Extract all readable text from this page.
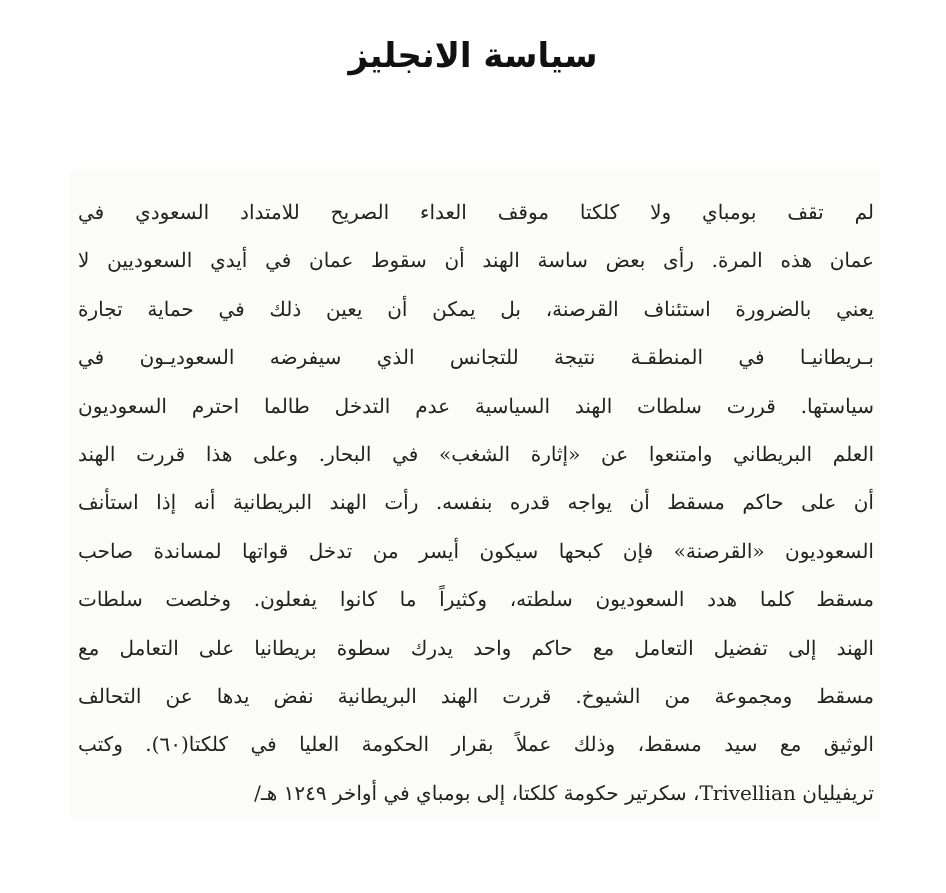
سياسة الانجليز
لم تقف بومباي ولا كلكتا موقف العداء الصريح للامتداد السعودي في
عمان هذه المرة. رأى بعض ساسة الهند أن سقوط عمان في أيدي السعوديين لا
يعني بالضرورة استئناف القرصنة، بل يمكن أن يعين ذلك في حماية تجارة
بـريطانيـا في المنطقـة نتيجة للتجانس الذي سيفرضه السعوديـون في
سياستها. قررت سلطات الهند السياسية عدم التدخل طالما احترم السعوديون
العلم البريطاني وامتنعوا عن «إثارة الشغب» في البحار. وعلى هذا قررت الهند
أن على حاكم مسقط أن يواجه قدره بنفسه. رأت الهند البريطانية أنه إذا استأنف
السعوديون «القرصنة» فإن كبحها سيكون أيسر من تدخل قواتها لمساندة صاحب
مسقط كلما هدد السعوديون سلطته، وكثيراً ما كانوا يفعلون. وخلصت سلطات
الهند إلى تفضيل التعامل مع حاكم واحد يدرك سطوة بريطانيا على التعامل مع
مسقط ومجموعة من الشيوخ. قررت الهند البريطانية نفض يدها عن التحالف
الوثيق مع سيد مسقط، وذلك عملاً بقرار الحكومة العليا في كلكتا(٦٠). وكتب
تريفيليان Trivellian، سكرتير حكومة كلكتا، إلى بومباي في أواخر ١٢٤٩ هـ/
